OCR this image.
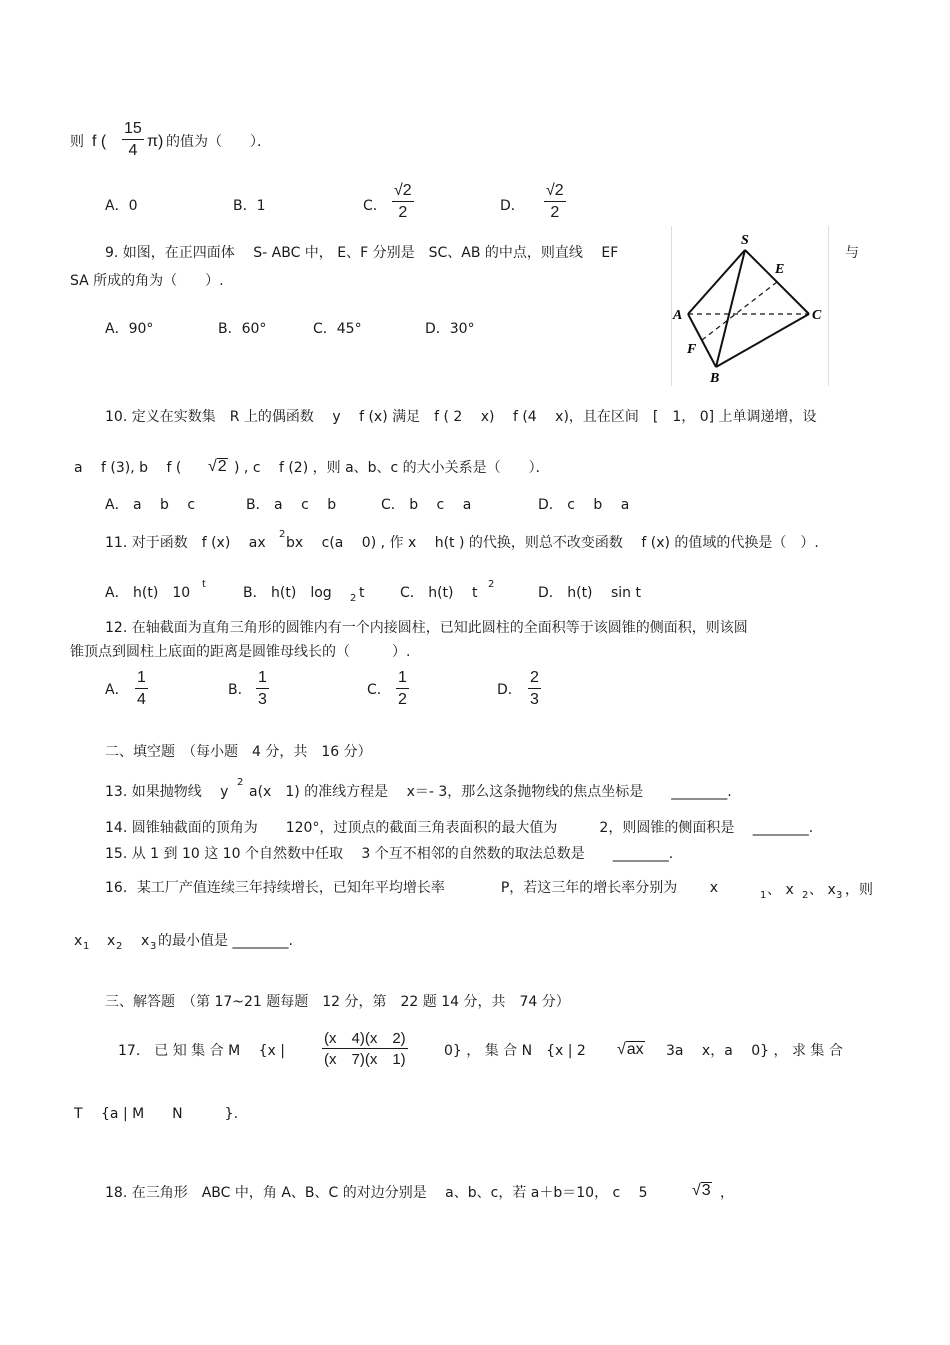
则 f ( $\frac{15}{4} \pi$) 的值为（　　）．
A．0	B．1	C． $\frac{√2}{2}$	D． $\frac{√2}{2}$
9. 如图，在正四面体　 S- ABC 中， E、F 分别是　SC、AB 的中点，则直线　 EF	与
SA 所成的角为（　　）.
A．90°	B．60°	C．45°	D．30°
S
E
A	C
F
B
10. 定义在实数集　R 上的偶函数　 y　 f (x) 满足　f ( 2　 x)　 f (4　 x)，且在区间　[　1， 0] 上单调递增，设
a　 f (3), b　 f ( √2 ) , c　 f (2) ，则 a、b、c 的大小关系是（　　）．
A． a　 b　 c	B． a　 c　 b	C． b　 c　 a	D． c　 b　 a
11. 对于函数　f (x)　 ax
2
bx　 c(a　 0) , 作 x　 h(t ) 的代换，则总不改变函数　 f (x) 的值域的代换是（　）.
A． h(t)　10
t
B． h(t)　log 2 t	C． h(t)　 t
2
D． h(t)　 sin t
12. 在轴截面为直角三角形的圆锥内有一个内接圆柱，已知此圆柱的全面积等于该圆锥的侧面积，则该圆
锥顶点到圆柱上底面的距离是圆锥母线长的（　　　）.
A． $\frac{1}{4}$	B． $\frac{1}{3}$	C． $\frac{1}{2}$	D． $\frac{2}{3}$
二、填空题　（每小题　4 分，共　16 分）
13. 如果抛物线　 y
2
a(x　1) 的准线方程是　 x＝- 3，那么这条抛物线的焦点坐标是　　________.
14. 圆锥轴截面的顶角为　　120°，过顶点的截面三角表面积的最大值为　　　2，则圆锥的侧面积是　 ________.
15. 从 1 到 10 这 10 个自然数中任取　 3 个互不相邻的自然数的取法总数是　　________.
16．某工厂产值连续三年持续增长，已知年平均增长率　　　　P，若这三年的增长率分别为　　 x	1 、 x 2 、 x 3 ，则
x 1 x 2 x 3 的最小值是 ________.
三、解答题　（第 17~21 题每题　12 分，第　22 题 14 分，共　74 分）
17． 已 知 集 合 M　 {x | $\frac{(x 4)(x 2)}{(x 7)(x 1)}$	0} ， 集 合 N　{x | 2 √ax 　3a　 x，a　 0} ， 求 集 合
T　 {a | M　　N　　　}.
18. 在三角形　ABC 中，角 A、B、C 的对边分别是　 a、b、c，若 a＋b＝10， c　 5	√3 ，
